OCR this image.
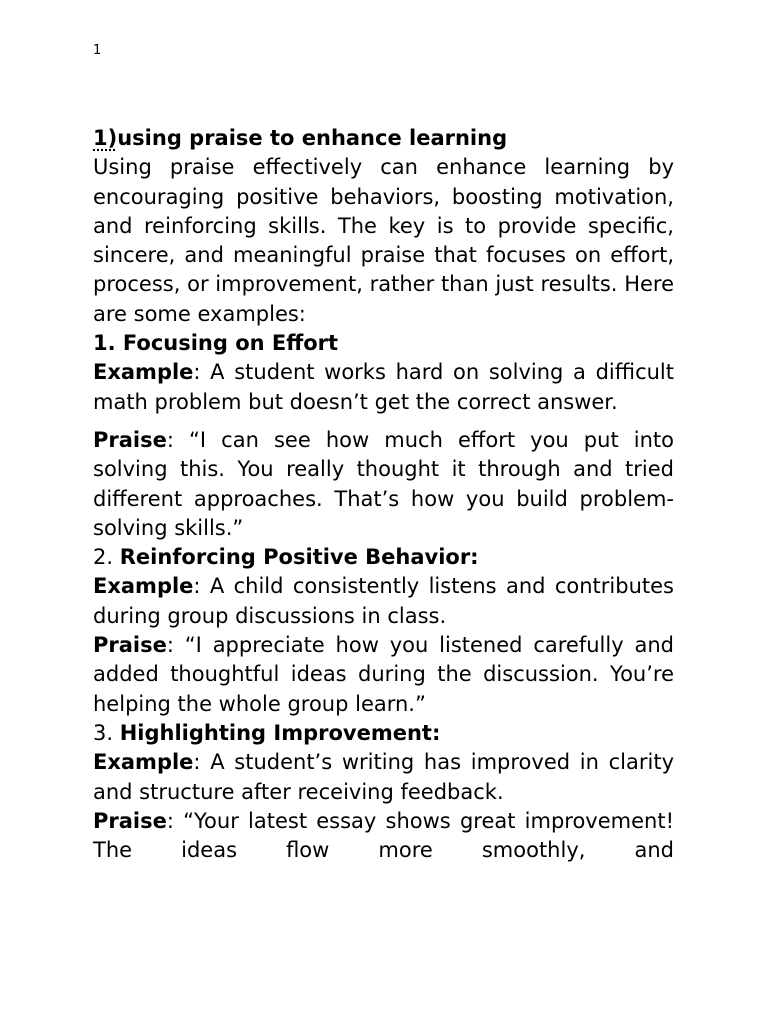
1

1)using praise to enhance learning

Using praise effectively can enhance learning by encouraging positive behaviors, boosting motivation, and reinforcing skills. The key is to provide specific, sincere, and meaningful praise that focuses on effort, process, or improvement, rather than just results. Here are some examples:

1. Focusing on Effort

Example: A student works hard on solving a difficult math problem but doesn’t get the correct answer.

Praise: “I can see how much effort you put into solving this. You really thought it through and tried different approaches. That’s how you build problem-solving skills.”

2. Reinforcing Positive Behavior:

Example: A child consistently listens and contributes during group discussions in class.

Praise: “I appreciate how you listened carefully and added thoughtful ideas during the discussion. You’re helping the whole group learn.”

3. Highlighting Improvement:

Example: A student’s writing has improved in clarity and structure after receiving feedback.

Praise: “Your latest essay shows great improvement! The ideas flow more smoothly, and
